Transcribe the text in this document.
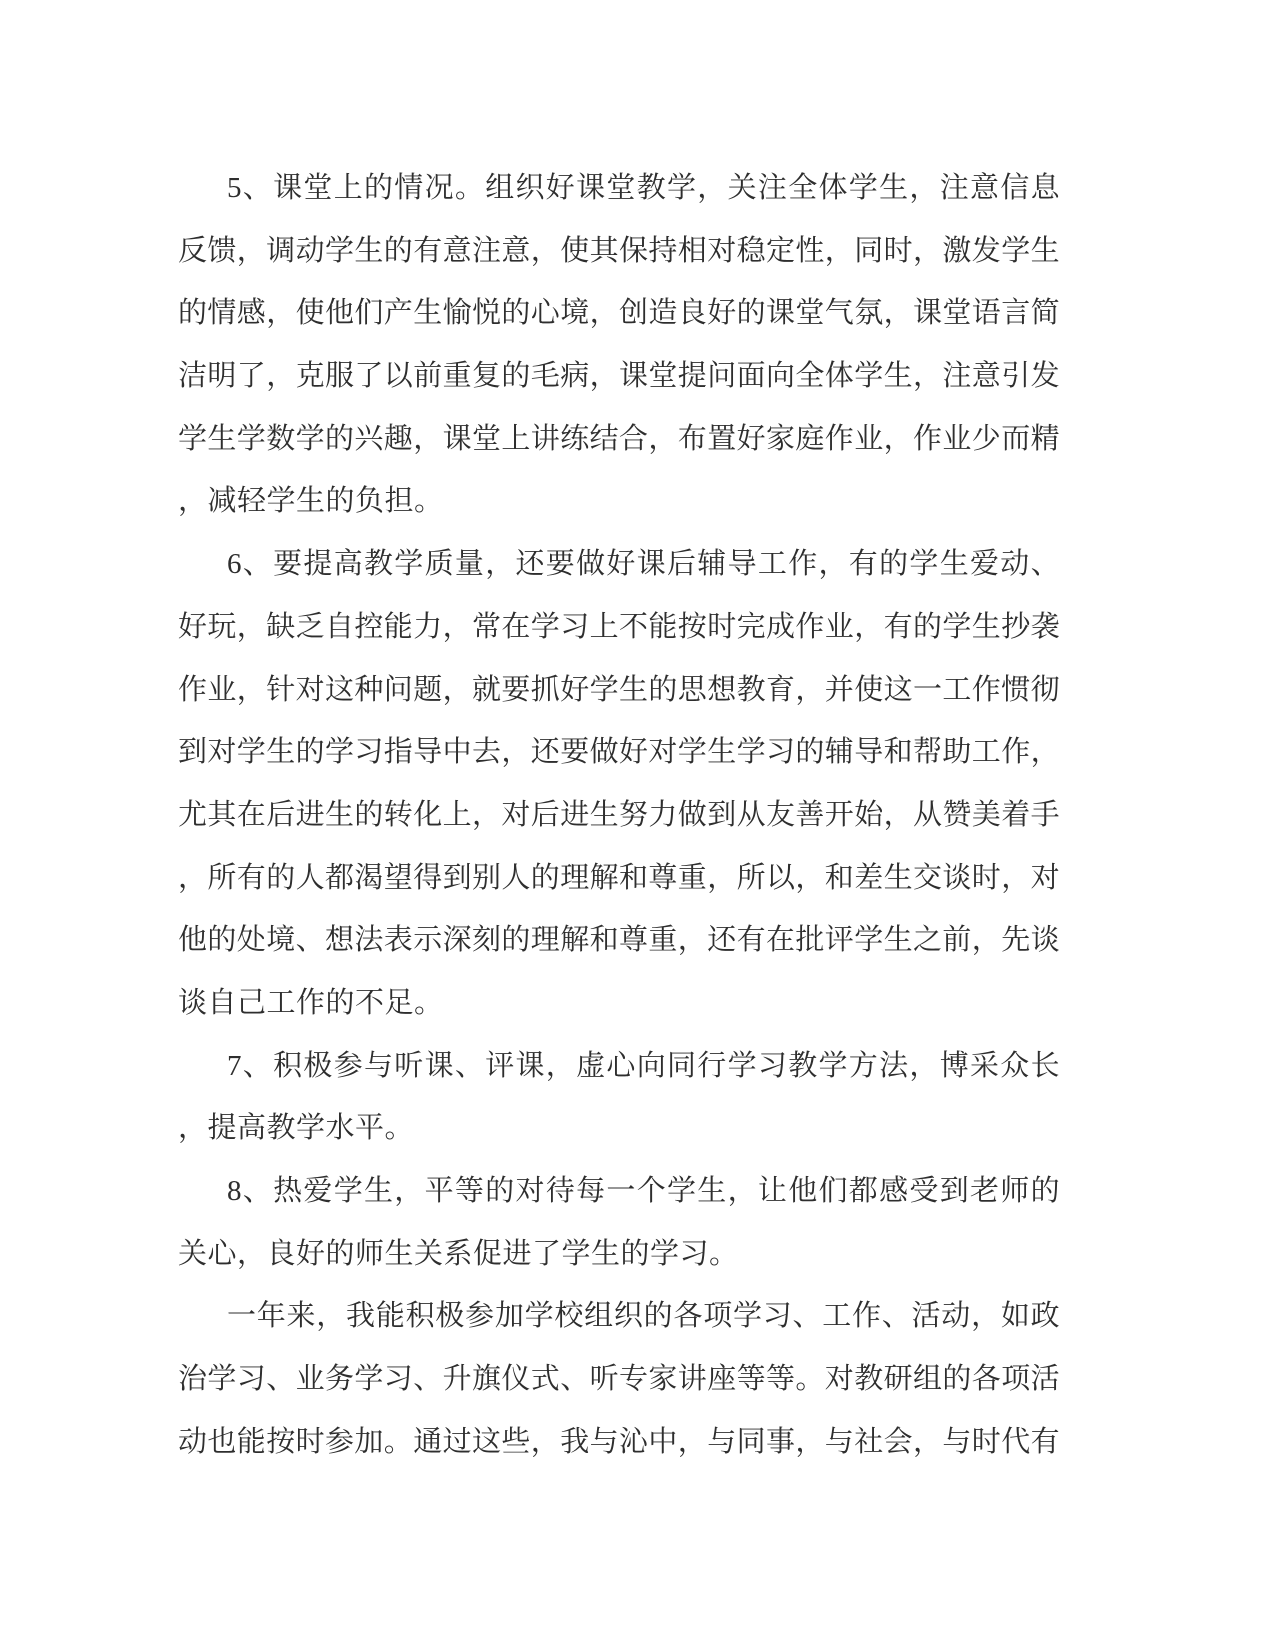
5、课堂上的情况。组织好课堂教学，关注全体学生，注意信息
反馈，调动学生的有意注意，使其保持相对稳定性，同时，激发学生
的情感，使他们产生愉悦的心境，创造良好的课堂气氛，课堂语言简
洁明了，克服了以前重复的毛病，课堂提问面向全体学生，注意引发
学生学数学的兴趣，课堂上讲练结合，布置好家庭作业，作业少而精
，减轻学生的负担。
6、要提高教学质量，还要做好课后辅导工作，有的学生爱动、
好玩，缺乏自控能力，常在学习上不能按时完成作业，有的学生抄袭
作业，针对这种问题，就要抓好学生的思想教育，并使这一工作惯彻
到对学生的学习指导中去，还要做好对学生学习的辅导和帮助工作，
尤其在后进生的转化上，对后进生努力做到从友善开始，从赞美着手
，所有的人都渴望得到别人的理解和尊重，所以，和差生交谈时，对
他的处境、想法表示深刻的理解和尊重，还有在批评学生之前，先谈
谈自己工作的不足。
7、积极参与听课、评课，虚心向同行学习教学方法，博采众长
，提高教学水平。
8、热爱学生，平等的对待每一个学生，让他们都感受到老师的
关心，良好的师生关系促进了学生的学习。
一年来，我能积极参加学校组织的各项学习、工作、活动，如政
治学习、业务学习、升旗仪式、听专家讲座等等。对教研组的各项活
动也能按时参加。通过这些，我与沁中，与同事，与社会，与时代有
